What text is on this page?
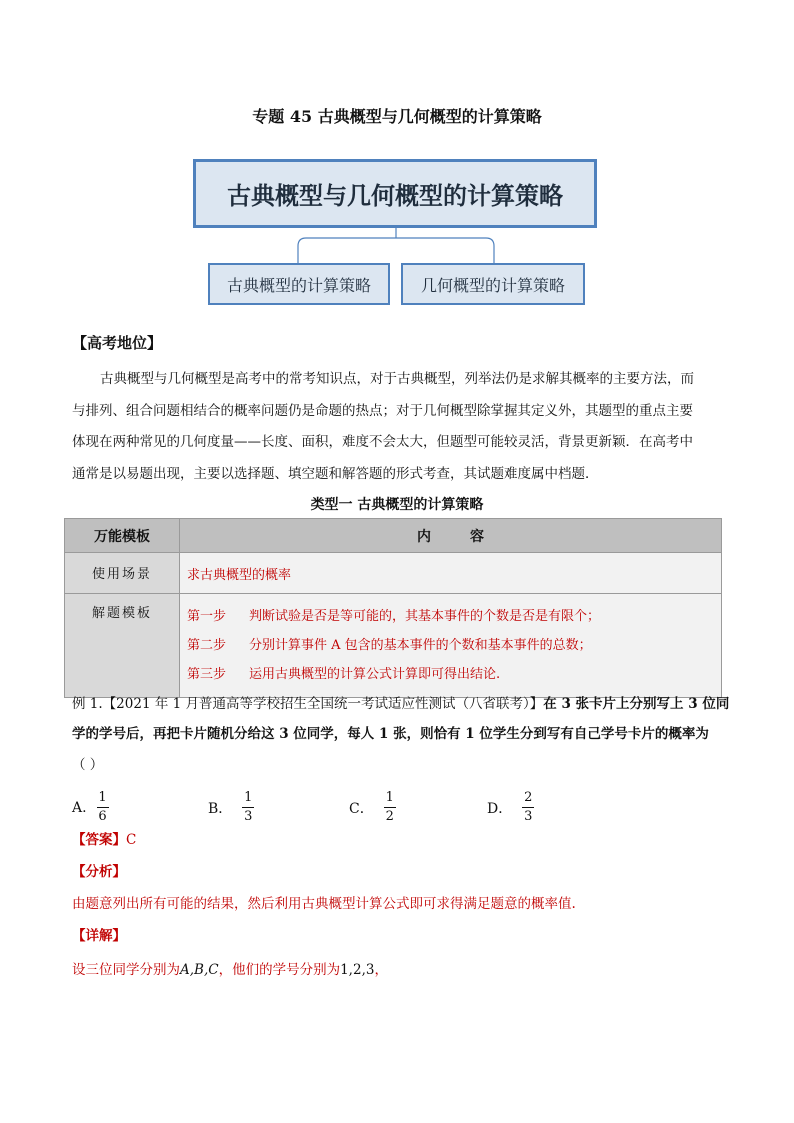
专题 45 古典概型与几何概型的计算策略
古典概型与几何概型的计算策略
古典概型的计算策略	几何概型的计算策略
【高考地位】
古典概型与几何概型是高考中的常考知识点，对于古典概型，列举法仍是求解其概率的主要方法，而
与排列、组合问题相结合的概率问题仍是命题的热点；对于几何概型除掌握其定义外，其题型的重点主要
体现在两种常见的几何度量——长度、面积，难度不会太大，但题型可能较灵活，背景更新颖．在高考中
通常是以易题出现，主要以选择题、填空题和解答题的形式考查，其试题难度属中档题．
类型一 古典概型的计算策略
万能模板	内        容
使用场景	求古典概型的概率
解题模板	第一步 判断试验是否是等可能的，其基本事件的个数是否是有限个；
第二步 分别计算事件 A 包含的基本事件的个数和基本事件的总数；
第三步 运用古典概型的计算公式计算即可得出结论.
例 1.【2021 年 1 月普通高等学校招生全国统一考试适应性测试（八省联考）】在 3 张卡片上分别写上 3 位同
学的学号后，再把卡片随机分给这 3 位同学，每人 1 张，则恰有 1 位学生分到写有自己学号卡片的概率为
（ ）
A. $\frac{1}{6}$	B． $\frac{1}{3}$	C． $\frac{1}{2}$	D． $\frac{2}{3}$
【答案】C
【分析】
由题意列出所有可能的结果，然后利用古典概型计算公式即可求得满足题意的概率值.
【详解】
设三位同学分别为A,B,C，他们的学号分别为1,2,3，
